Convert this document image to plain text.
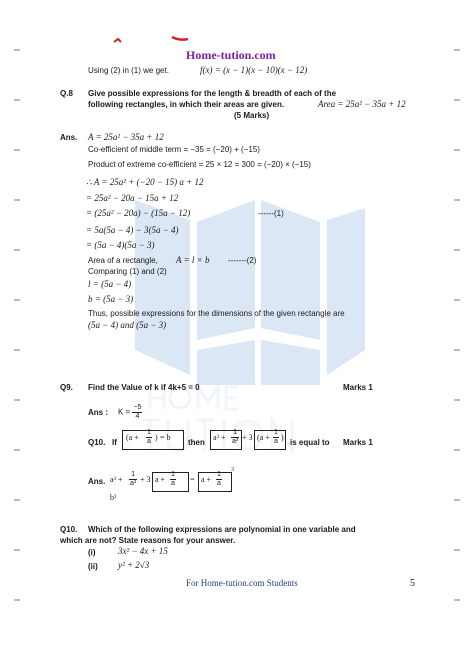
Home-tution.com
Using (2) in (1) we get.	f(x) = (x − 1)(x − 10)(x − 12)
Q.8 Give possible expressions for the length & breadth of each of the
following rectangles, in which their areas are given.	Area = 25a² − 35a + 12
(5 Marks)
Ans. A = 25a² − 35a + 12
Co-efficient of middle term = −35 = (−20) + (−15)
Product of extreme co-efficient = 25 × 12 = 300 = (−20) × (−15)
∴ A = 25a² + (−20 − 15) a + 12
= 25a² − 20a − 15a + 12
= (25a² − 20a) − (15a − 12)	------(1)
= 5a(5a − 4) − 3(5a − 4)
= (5a − 4)(5a − 3)
Area of a rectangle, A = l × b -------(2)
Comparing (1) and (2)
l = (5a − 4)
b = (5a − 3)
Thus, possible expressions for the dimensions of the given rectangle are
(5a − 4) and (5a − 3)
Q9. Find the Value of k if 4k+5 = 0	Marks 1
Ans : $K = \frac{-5}{4}$
Q10. If
($a + \frac{1}{a}$ ) = b
then
$a^3 + \frac{1}{\text{a³}} + 3$ ($a + \frac{1}{a}$ )
is equal to Marks 1
Ans. $a^3 + \frac{1}{\text{a³}} + 3$ $a + \frac{1}{a} = a + \frac{1}{a}$
3
b³
Q10. Which of the following expressions are polynomial in one variable and
which are not? State reasons for your answer.
(i) 3x² − 4x + 15
(ii) y² + 2√3
For Home-tution.com Students	5
